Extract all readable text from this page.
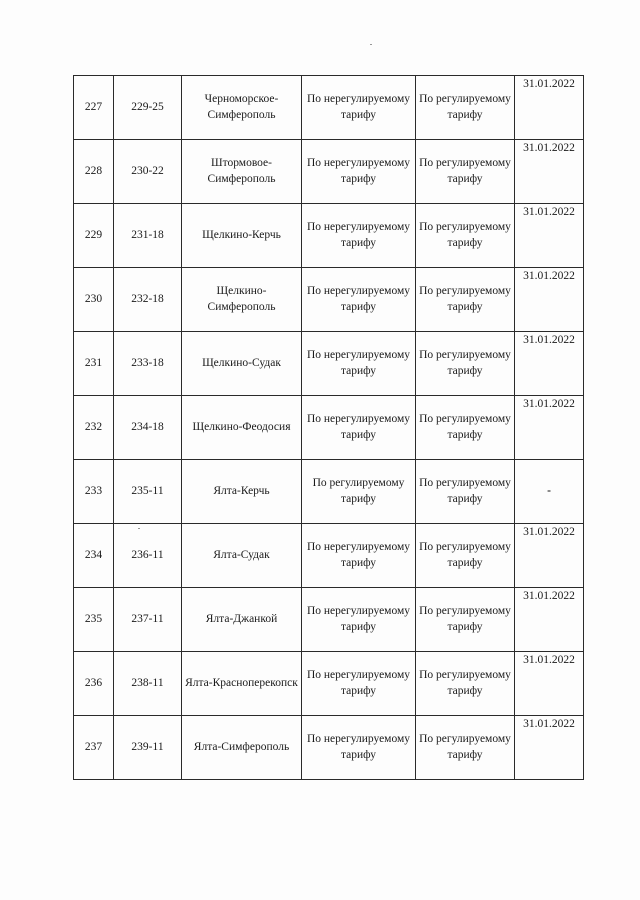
227	229-25	Черноморское-Симферополь	По нерегулируемому тарифу	По регулируемому тарифу	31.01.2022
228	230-22	Штормовое-Симферополь	По нерегулируемому тарифу	По регулируемому тарифу	31.01.2022
229	231-18	Щелкино-Керчь	По нерегулируемому тарифу	По регулируемому тарифу	31.01.2022
230	232-18	Щелкино-Симферополь	По нерегулируемому тарифу	По регулируемому тарифу	31.01.2022
231	233-18	Щелкино-Судак	По нерегулируемому тарифу	По регулируемому тарифу	31.01.2022
232	234-18	Щелкино-Феодосия	По нерегулируемому тарифу	По регулируемому тарифу	31.01.2022
233	235-11	Ялта-Керчь	По регулируемому тарифу	По регулируемому тарифу	-
234	236-11	Ялта-Судак	По нерегулируемому тарифу	По регулируемому тарифу	31.01.2022
235	237-11	Ялта-Джанкой	По нерегулируемому тарифу	По регулируемому тарифу	31.01.2022
236	238-11	Ялта-Красноперекопск	По нерегулируемому тарифу	По регулируемому тарифу	31.01.2022
237	239-11	Ялта-Симферополь	По нерегулируемому тарифу	По регулируемому тарифу	31.01.2022
